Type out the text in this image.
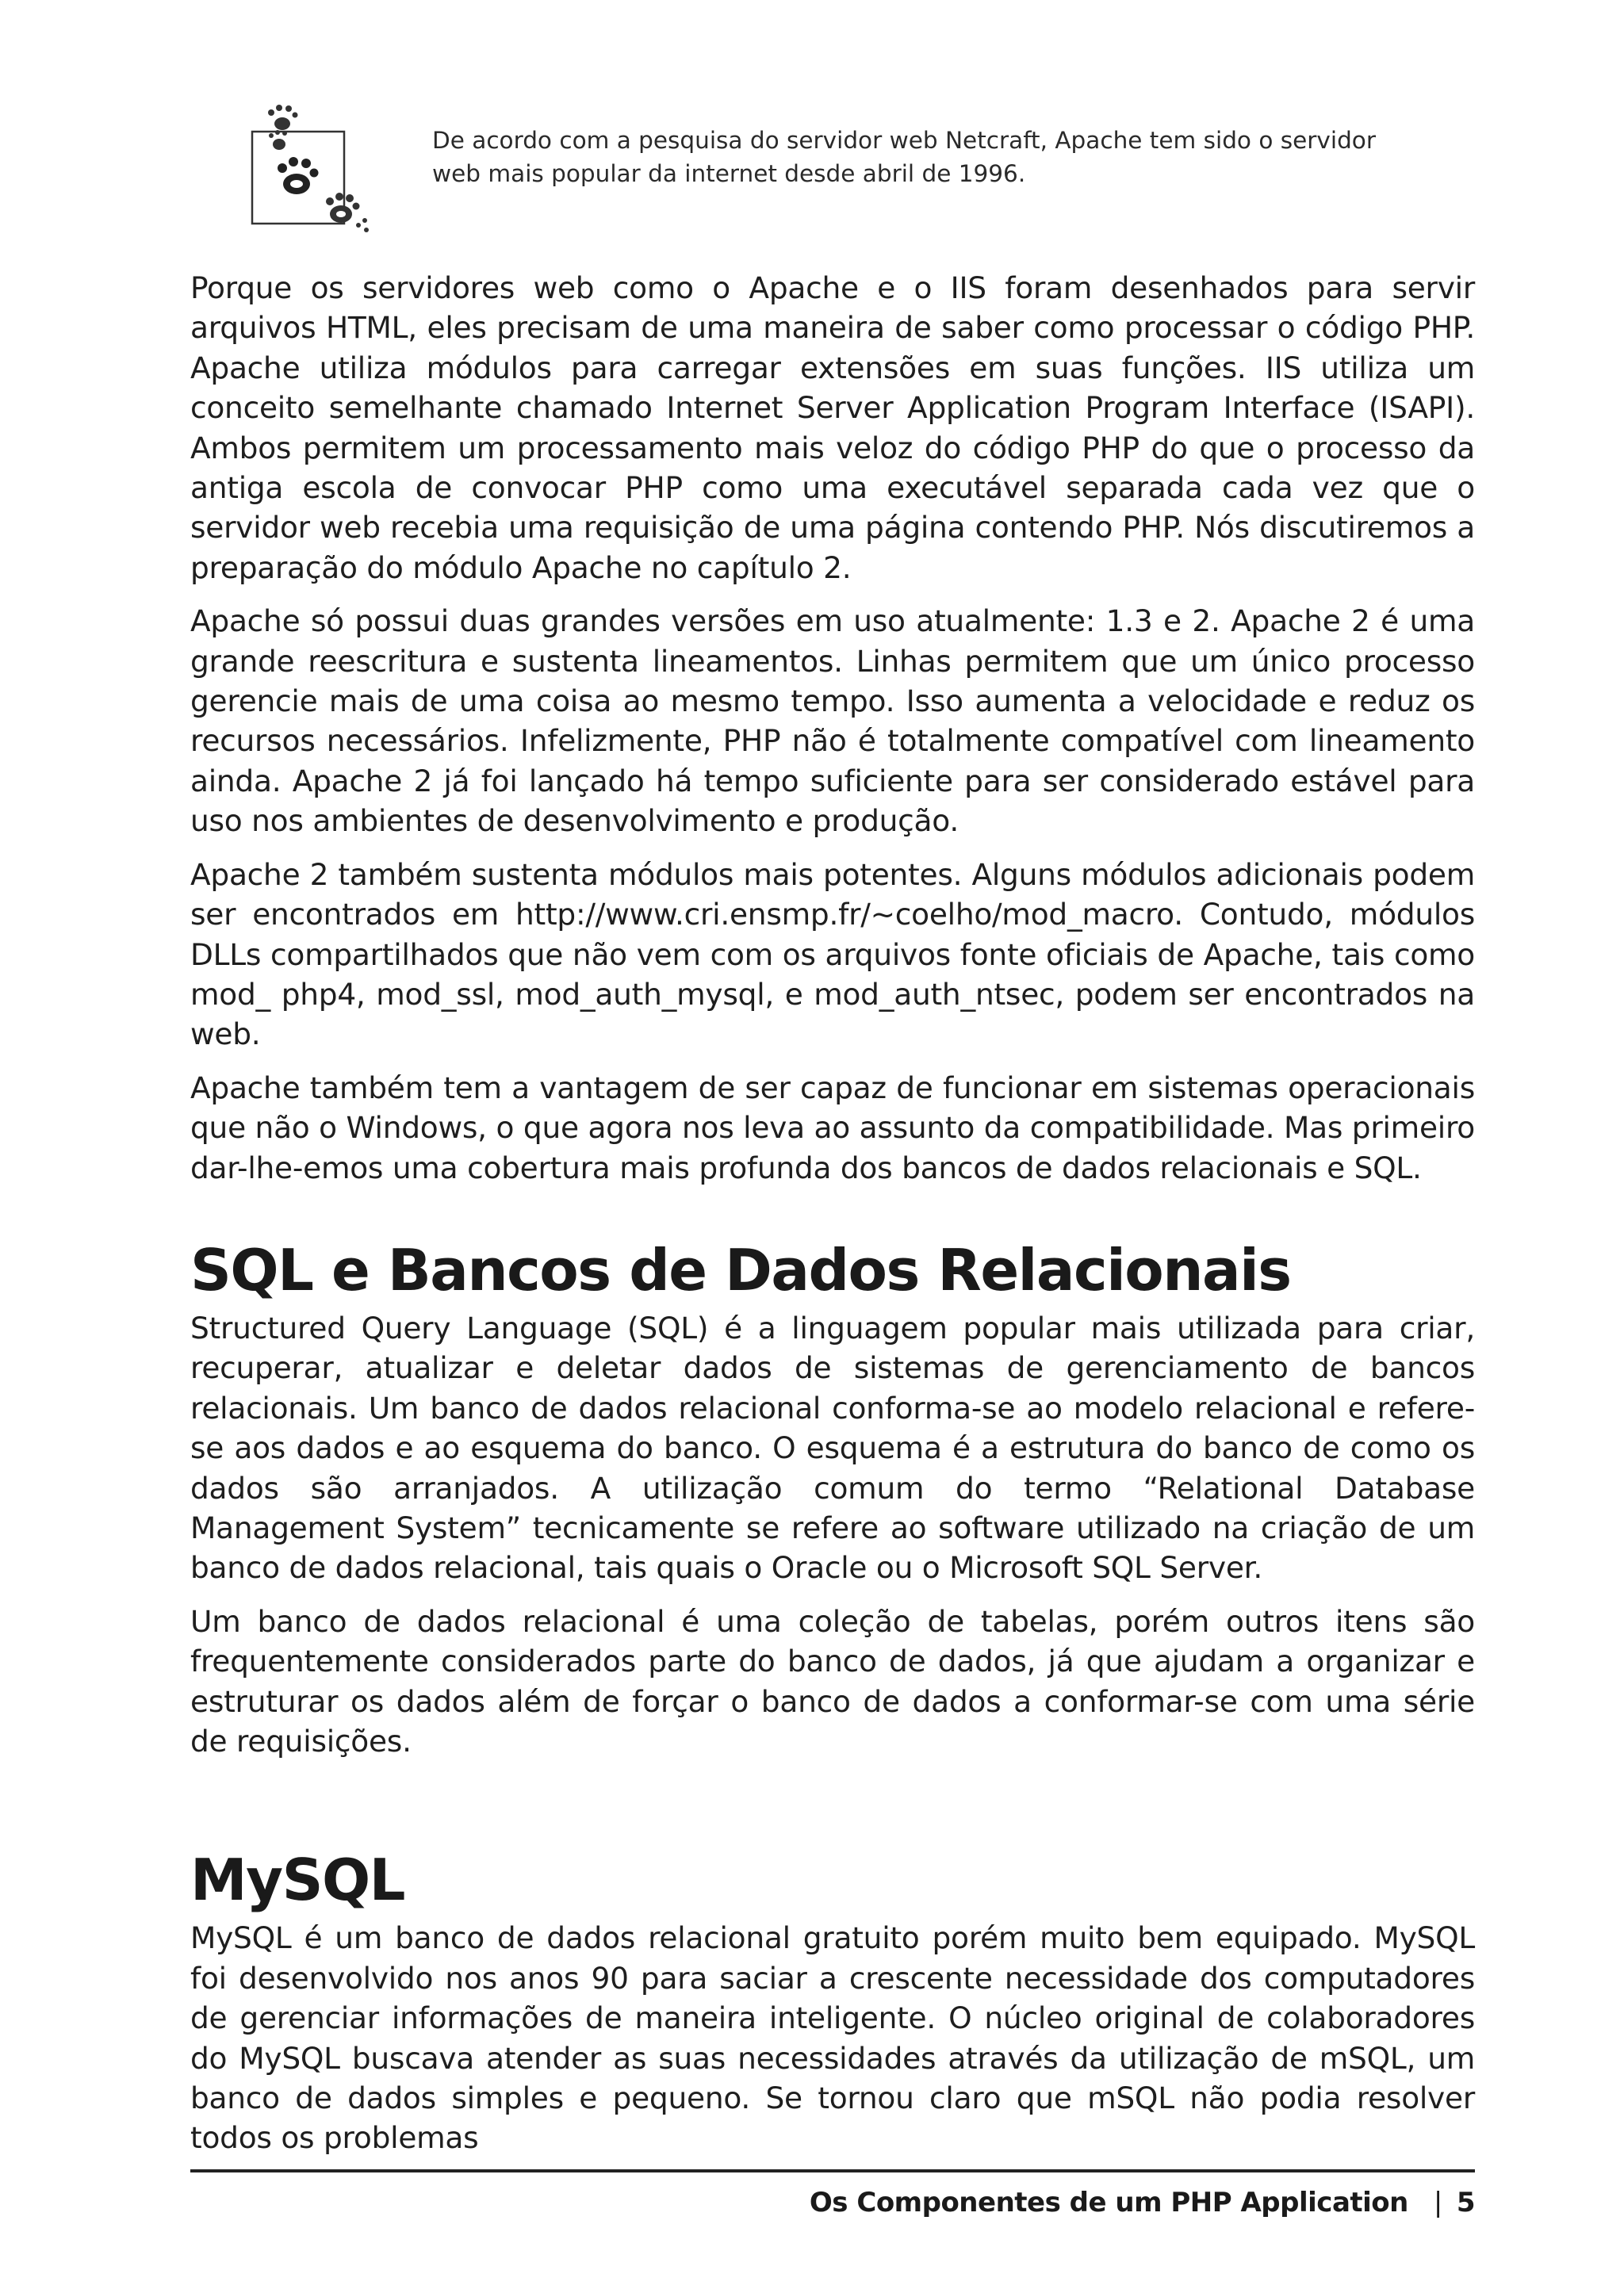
De acordo com a pesquisa do servidor web Netcraft, Apache tem sido o servidor web mais popular da internet desde abril de 1996.

Porque os servidores web como o Apache e o IIS foram desenhados para servir arquivos HTML, eles precisam de uma maneira de saber como processar o código PHP. Apache utiliza módulos para carregar extensões em suas funções. IIS utiliza um conceito semelhante chamado Internet Server Application Program Interface (ISAPI). Ambos permitem um processamento mais veloz do código PHP do que o processo da antiga escola de convocar PHP como uma executável separada cada vez que o servidor web recebia uma requisição de uma página contendo PHP. Nós discutiremos a preparação do módulo Apache no capítulo 2.

Apache só possui duas grandes versões em uso atualmente: 1.3 e 2. Apache 2 é uma grande reescritura e sustenta lineamentos. Linhas permitem que um único processo gerencie mais de uma coisa ao mesmo tempo. Isso aumenta a velocidade e reduz os recursos necessários. Infelizmente, PHP não é totalmente compatível com lineamento ainda. Apache 2 já foi lançado há tempo suficiente para ser considerado estável para uso nos ambientes de desenvolvimento e produção.

Apache 2 também sustenta módulos mais potentes. Alguns módulos adicionais podem ser encontrados em http://www.cri.ensmp.fr/~coelho/mod_macro. Contudo, módulos DLLs compartilhados que não vem com os arquivos fonte oficiais de Apache, tais como mod_ php4, mod_ssl, mod_auth_mysql, e mod_auth_ntsec, podem ser encontrados na web.

Apache também tem a vantagem de ser capaz de funcionar em sistemas operacionais que não o Windows, o que agora nos leva ao assunto da compatibilidade. Mas primeiro dar-lhe-emos uma cobertura mais profunda dos bancos de dados relacionais e SQL.

SQL e Bancos de Dados Relacionais

Structured Query Language (SQL) é a linguagem popular mais utilizada para criar, recuperar, atualizar e deletar dados de sistemas de gerenciamento de bancos relacionais. Um banco de dados relacional conforma-se ao modelo relacional e refere-se aos dados e ao esquema do banco. O esquema é a estrutura do banco de como os dados são arranjados. A utilização comum do termo “Relational Database Management System” tecnicamente se refere ao software utilizado na criação de um banco de dados relacional, tais quais o Oracle ou o Microsoft SQL Server.

Um banco de dados relacional é uma coleção de tabelas, porém outros itens são frequentemente considerados parte do banco de dados, já que ajudam a organizar e estruturar os dados além de forçar o banco de dados a conformar-se com uma série de requisições.

MySQL

MySQL é um banco de dados relacional gratuito porém muito bem equipado. MySQL foi desenvolvido nos anos 90 para saciar a crescente necessidade dos computadores de gerenciar informações de maneira inteligente. O núcleo original de colaboradores do MySQL buscava atender as suas necessidades através da utilização de mSQL, um banco de dados simples e pequeno. Se tornou claro que mSQL não podia resolver todos os problemas

Os Componentes de um PHP Application | 5
